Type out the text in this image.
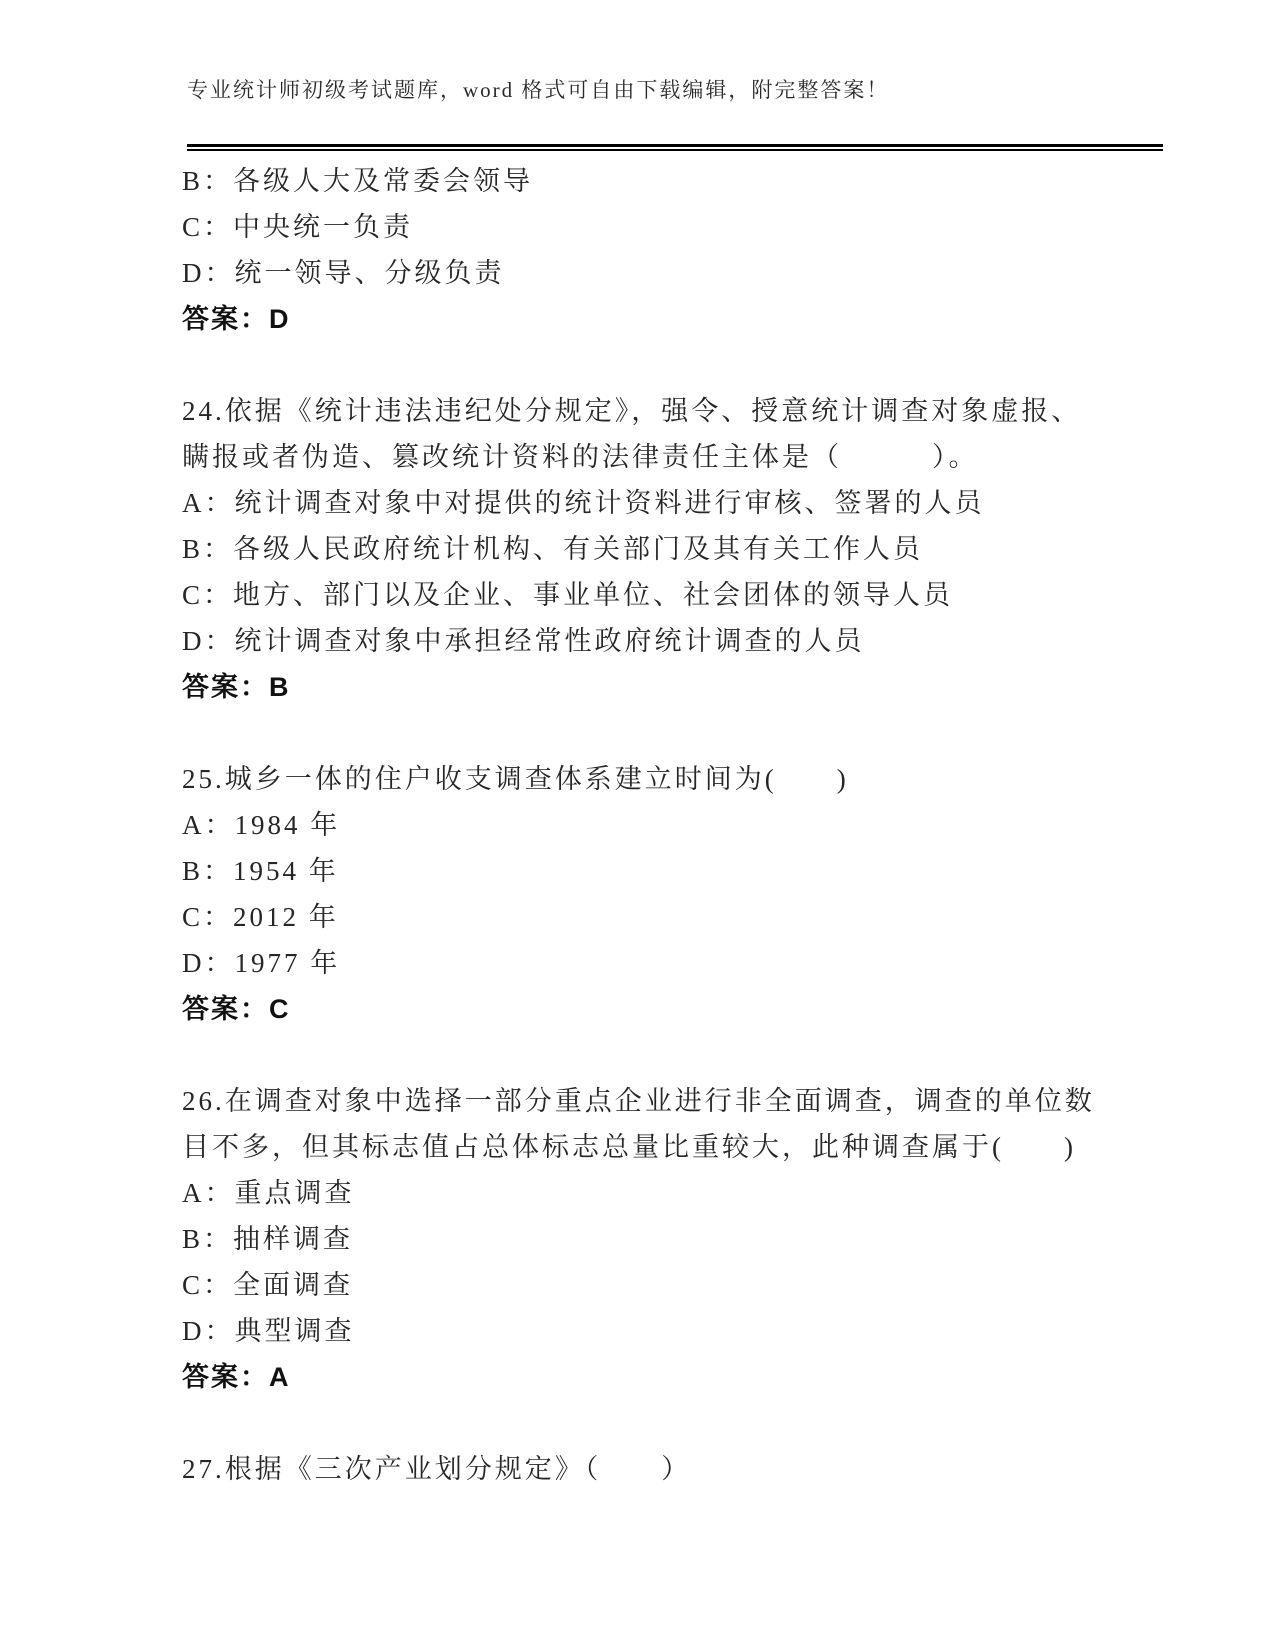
专业统计师初级考试题库，word 格式可自由下载编辑，附完整答案！

B：各级人大及常委会领导

C：中央统一负责

D：统一领导、分级负责

答案：D

24.依据《统计违法违纪处分规定》，强令、授意统计调查对象虚报、

瞒报或者伪造、篡改统计资料的法律责任主体是（　　　）。

A：统计调查对象中对提供的统计资料进行审核、签署的人员

B：各级人民政府统计机构、有关部门及其有关工作人员

C：地方、部门以及企业、事业单位、社会团体的领导人员

D：统计调查对象中承担经常性政府统计调查的人员

答案：B

25.城乡一体的住户收支调查体系建立时间为(　　)

A：1984 年

B：1954 年

C：2012 年

D：1977 年

答案：C

26.在调查对象中选择一部分重点企业进行非全面调查，调查的单位数

目不多，但其标志值占总体标志总量比重较大，此种调查属于(　　)

A：重点调查

B：抽样调查

C：全面调查

D：典型调查

答案：A

27.根据《三次产业划分规定》（　　）
